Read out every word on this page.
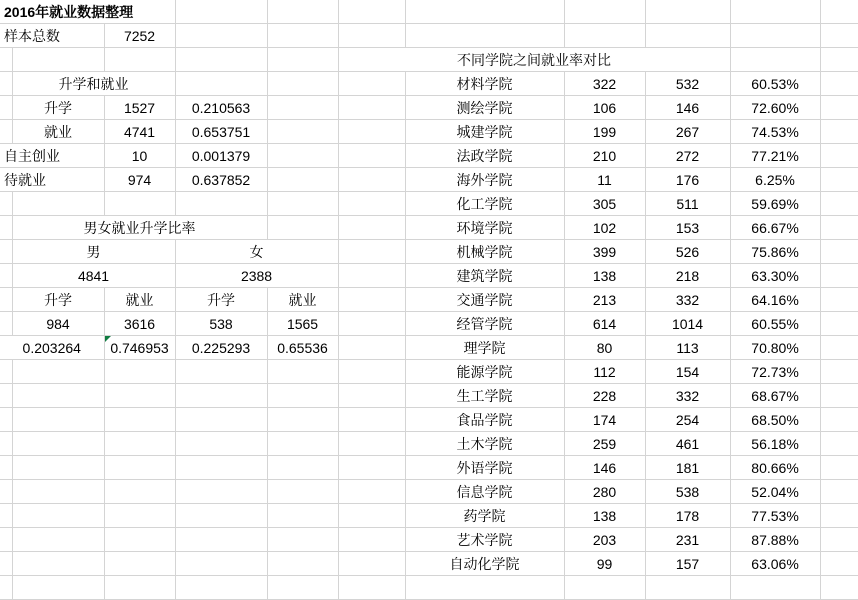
2016年就业数据整理											
样本总数		7252									
					不同学院之间就业率对比						
	升学和就业					材料学院	322	532	60.53%		
	升学	1527	0.210563			测绘学院	106	146	72.60%		
	就业	4741	0.653751			城建学院	199	267	74.53%		
自主创业		10	0.001379			法政学院	210	272	77.21%		
待就业		974	0.637852			海外学院	11	176	6.25%		
						化工学院	305	511	59.69%		
	男女就业升学比率					环境学院	102	153	66.67%		
	男		女			机械学院	399	526	75.86%		
	4841		2388			建筑学院	138	218	63.30%		
	升学	就业	升学	就业		交通学院	213	332	64.16%		
	984	3616	538	1565		经管学院	614	1014	60.55%		
0.203264		0.746953	0.225293	0.65536		理学院	80	113	70.80%		
						能源学院	112	154	72.73%		
						生工学院	228	332	68.67%		
						食品学院	174	254	68.50%		
						土木学院	259	461	56.18%		
						外语学院	146	181	80.66%		
						信息学院	280	538	52.04%		
						药学院	138	178	77.53%		
						艺术学院	203	231	87.88%		
						自动化学院	99	157	63.06%		
